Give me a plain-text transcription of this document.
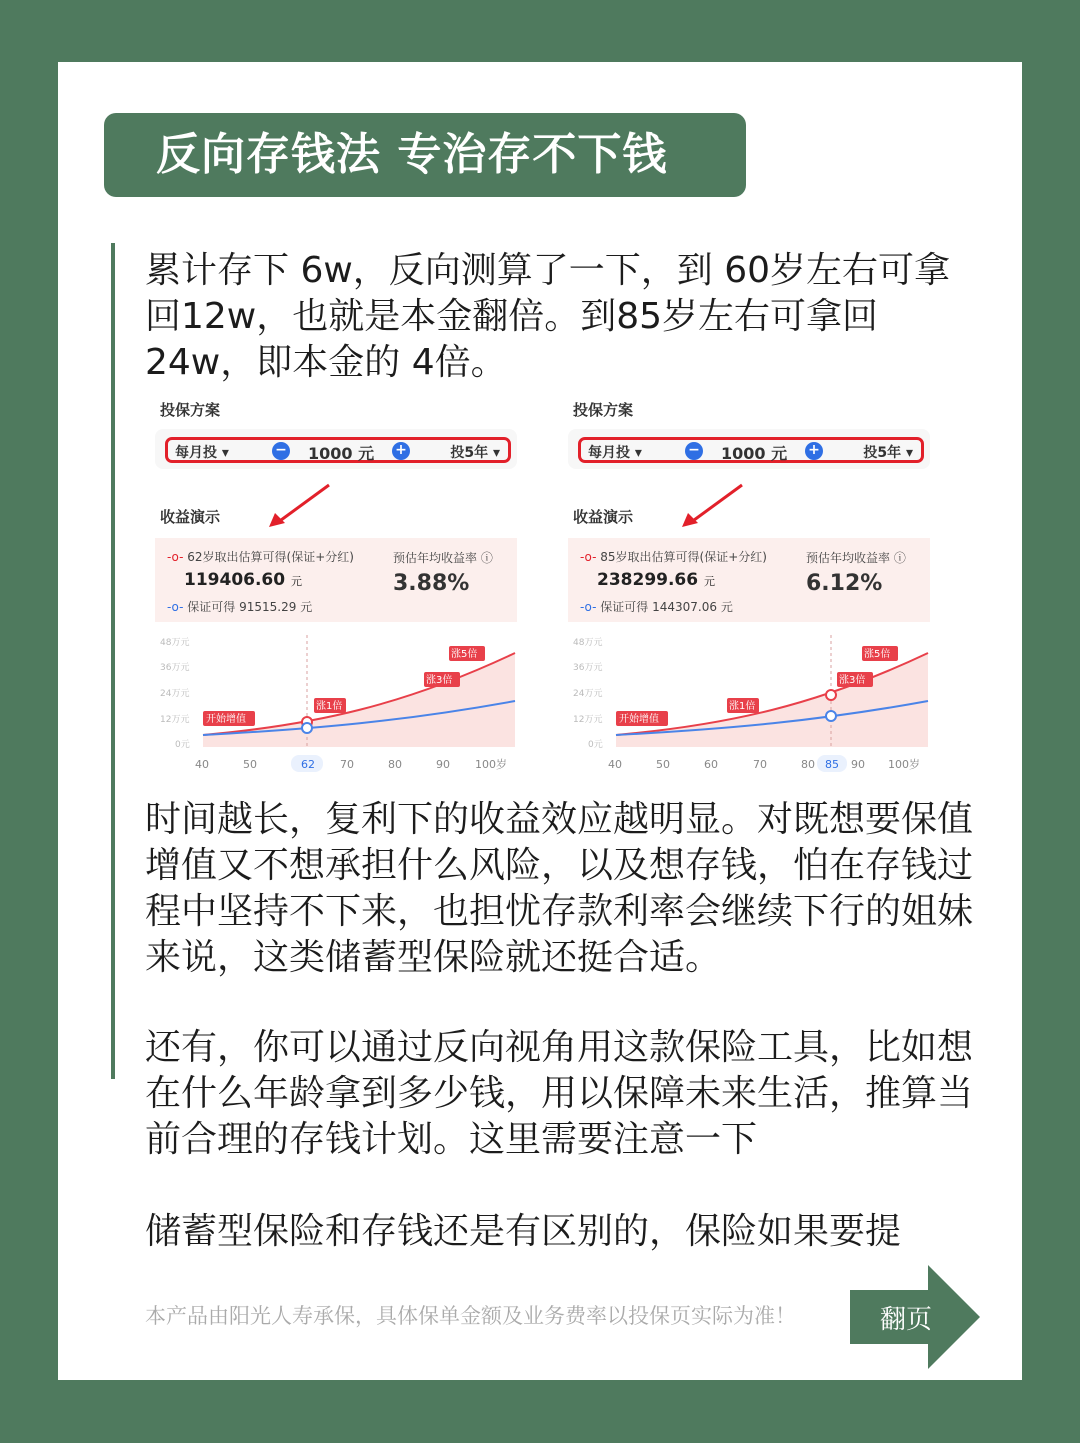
反向存钱法 专治存不下钱
累计存下 6w，反向测算了一下，到 60岁左右可拿回12w，也就是本金翻倍。到85岁左右可拿回24w，即本金的 4倍。
投保方案
每月投 ▾	− 1000 元 +	投5年 ▾
收益演示
-o- 62岁取出估算可得(保证+分红)
119406.60 元
-o- 保证可得 91515.29 元
预估年均收益率 ⓘ
3.88%
48万元
36万元
24万元
12万元
0元
开始增值
涨1倍
涨3倍
涨5倍
40	50	62 70	80	90 100岁
投保方案
每月投 ▾	− 1000 元 +	投5年 ▾
收益演示
-o- 85岁取出估算可得(保证+分红)
238299.66 元
-o- 保证可得 144307.06 元
预估年均收益率 ⓘ
6.12%
48万元
36万元
24万元
12万元
0元
开始增值
涨1倍
涨3倍
涨5倍
40	50	60	70	80 85 90 100岁
时间越长，复利下的收益效应越明显。对既想要保值增值又不想承担什么风险，以及想存钱，怕在存钱过程中坚持不下来，也担忧存款利率会继续下行的姐妹来说，这类储蓄型保险就还挺合适。
还有，你可以通过反向视角用这款保险工具，比如想在什么年龄拿到多少钱，用以保障未来生活，推算当前合理的存钱计划。这里需要注意一下
储蓄型保险和存钱还是有区别的，保险如果要提
本产品由阳光人寿承保，具体保单金额及业务费率以投保页实际为准！	翻页
